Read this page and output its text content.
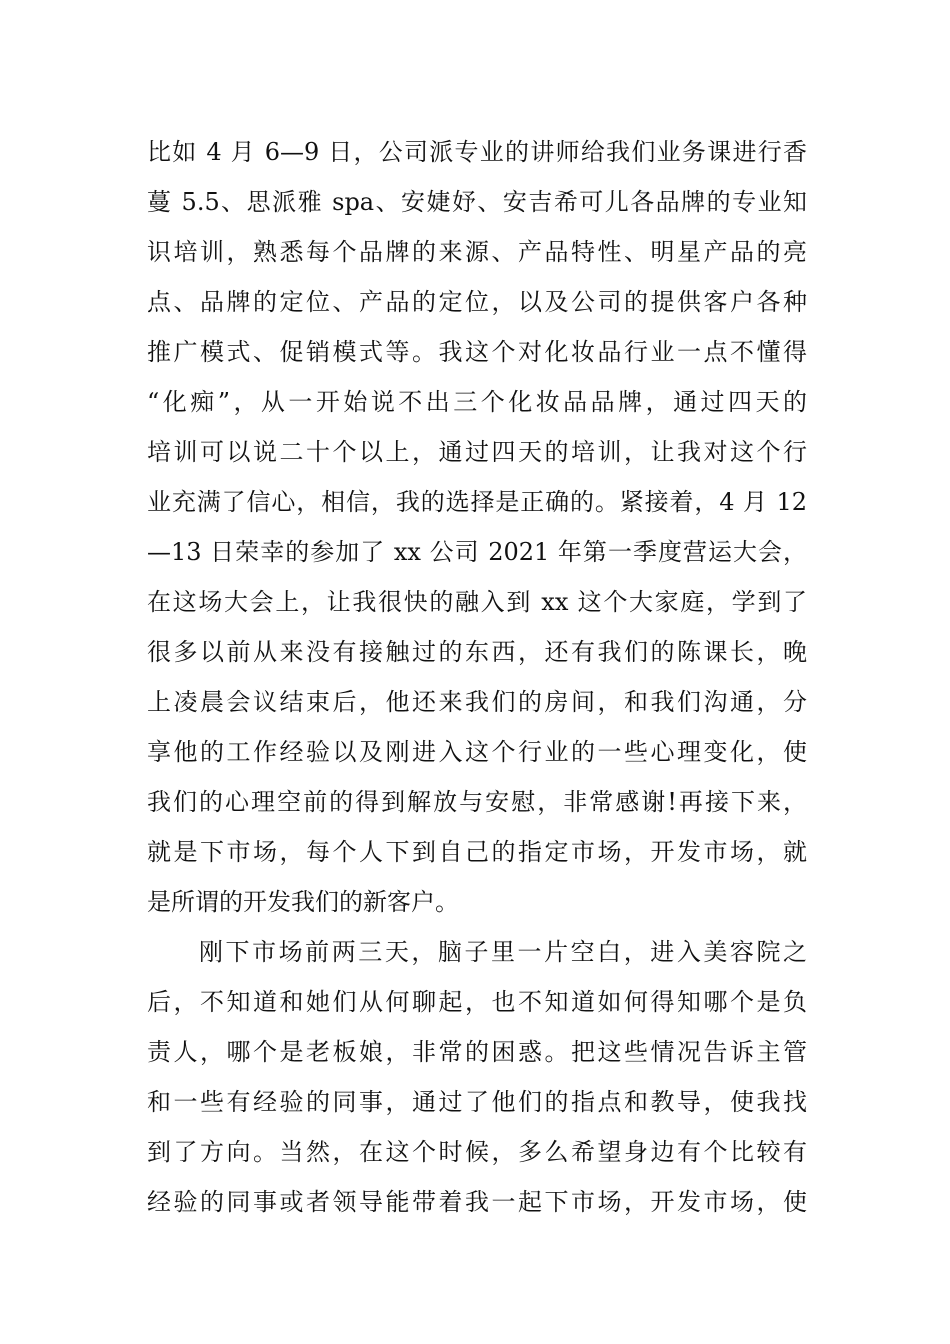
比如 4 月 6—9 日，公司派专业的讲师给我们业务课进行香
蔓 5.5、思派雅 spa、安婕妤、安吉希可儿各品牌的专业知
识培训，熟悉每个品牌的来源、产品特性、明星产品的亮
点、品牌的定位、产品的定位，以及公司的提供客户各种
推广模式、促销模式等。我这个对化妆品行业一点不懂得
“化痴”，从一开始说不出三个化妆品品牌，通过四天的
培训可以说二十个以上，通过四天的培训，让我对这个行
业充满了信心，相信，我的选择是正确的。紧接着，4 月 12
—13 日荣幸的参加了 xx 公司 2021 年第一季度营运大会，
在这场大会上，让我很快的融入到 xx 这个大家庭，学到了
很多以前从来没有接触过的东西，还有我们的陈课长，晚
上凌晨会议结束后，他还来我们的房间，和我们沟通，分
享他的工作经验以及刚进入这个行业的一些心理变化，使
我们的心理空前的得到解放与安慰，非常感谢!再接下来，
就是下市场，每个人下到自己的指定市场，开发市场，就
是所谓的开发我们的新客户。
刚下市场前两三天，脑子里一片空白，进入美容院之
后，不知道和她们从何聊起，也不知道如何得知哪个是负
责人，哪个是老板娘，非常的困惑。把这些情况告诉主管
和一些有经验的同事，通过了他们的指点和教导，使我找
到了方向。当然，在这个时候，多么希望身边有个比较有
经验的同事或者领导能带着我一起下市场，开发市场，使
